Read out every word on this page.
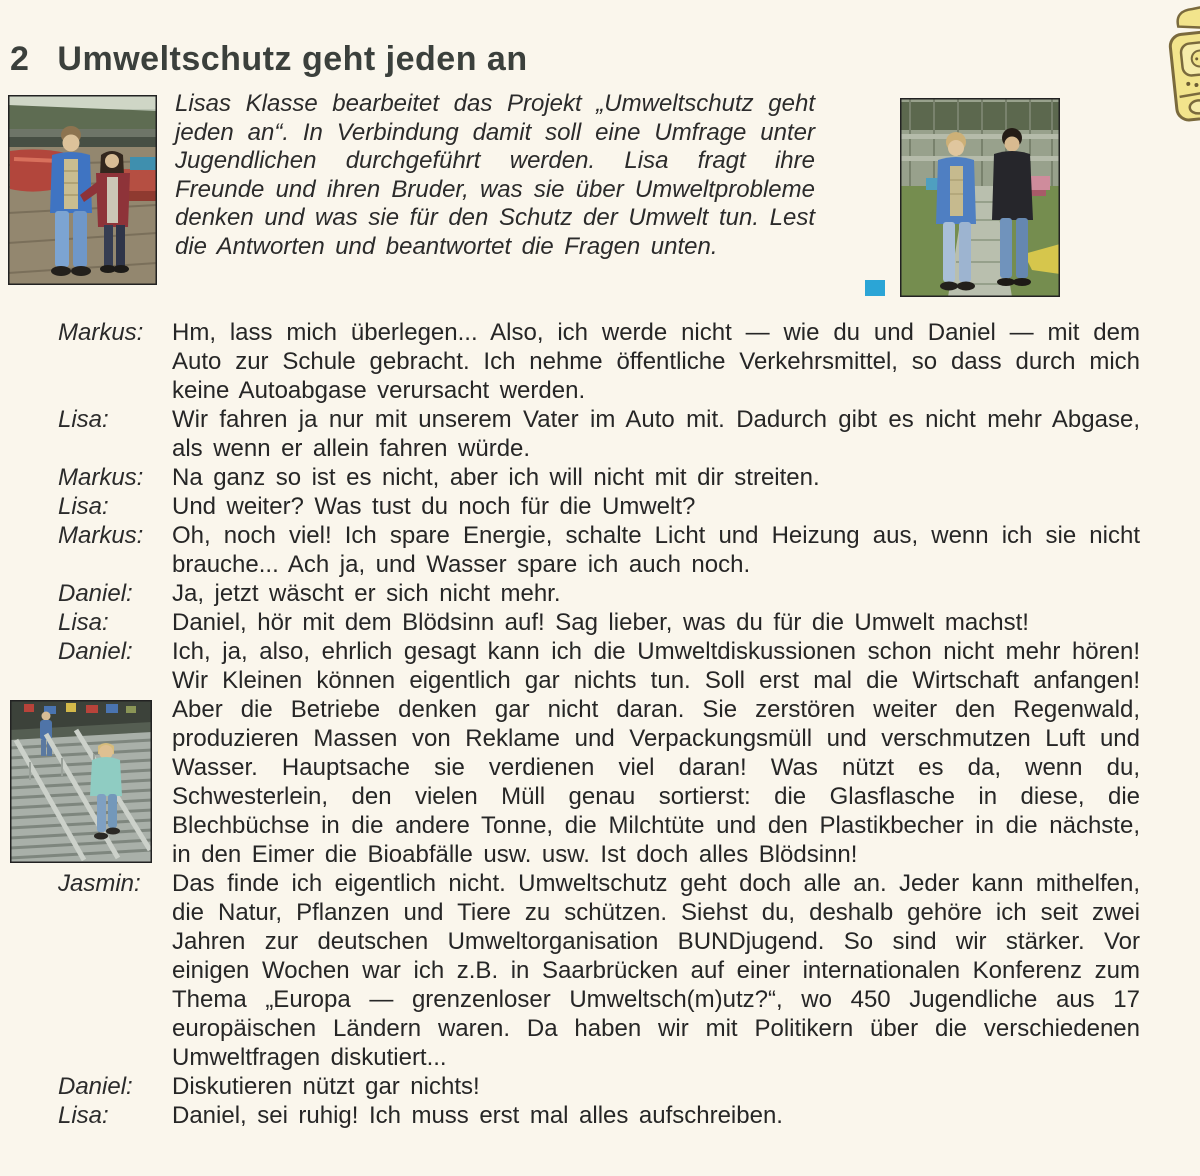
2 Umweltschutz geht jeden an

Lisas Klasse bearbeitet das Projekt „Umweltschutz geht jeden an“. In Verbindung damit soll eine Umfrage unter Jugendlichen durchgeführt werden. Lisa fragt ihre Freunde und ihren Bruder, was sie über Umweltprobleme denken und was sie für den Schutz der Umwelt tun. Lest die Antworten und beantwortet die Fragen unten.

Markus:	Hm, lass mich überlegen... Also, ich werde nicht — wie du und Daniel — mit dem Auto zur Schule gebracht. Ich nehme öffentliche Verkehrsmittel, so dass durch mich keine Autoabgase verursacht werden.
Lisa:	Wir fahren ja nur mit unserem Vater im Auto mit. Dadurch gibt es nicht mehr Abgase, als wenn er allein fahren würde.
Markus:	Na ganz so ist es nicht, aber ich will nicht mit dir streiten.
Lisa:	Und weiter? Was tust du noch für die Umwelt?
Markus:	Oh, noch viel! Ich spare Energie, schalte Licht und Heizung aus, wenn ich sie nicht brauche... Ach ja, und Wasser spare ich auch noch.
Daniel:	Ja, jetzt wäscht er sich nicht mehr.
Lisa:	Daniel, hör mit dem Blödsinn auf! Sag lieber, was du für die Umwelt machst!
Daniel:	Ich, ja, also, ehrlich gesagt kann ich die Umweltdiskussionen schon nicht mehr hören! Wir Kleinen können eigentlich gar nichts tun. Soll erst mal die Wirtschaft anfangen! Aber die Betriebe denken gar nicht daran. Sie zerstören weiter den Regenwald, produzieren Massen von Reklame und Verpackungsmüll und verschmutzen Luft und Wasser. Hauptsache sie verdienen viel daran! Was nützt es da, wenn du, Schwesterlein, den vielen Müll genau sortierst: die Glasflasche in diese, die Blechbüchse in die andere Tonne, die Milchtüte und den Plastikbecher in die nächste, in den Eimer die Bioabfälle usw. usw. Ist doch alles Blödsinn!
Jasmin:	Das finde ich eigentlich nicht. Umweltschutz geht doch alle an. Jeder kann mithelfen, die Natur, Pflanzen und Tiere zu schützen. Siehst du, deshalb gehöre ich seit zwei Jahren zur deutschen Umweltorganisation BUNDjugend. So sind wir stärker. Vor einigen Wochen war ich z.B. in Saarbrücken auf einer internationalen Konferenz zum Thema „Europa — grenzenloser Umweltsch(m)utz?“, wo 450 Jugendliche aus 17 europäischen Ländern waren. Da haben wir mit Politikern über die verschiedenen Umweltfragen diskutiert...
Daniel:	Diskutieren nützt gar nichts!
Lisa:	Daniel, sei ruhig! Ich muss erst mal alles aufschreiben.
